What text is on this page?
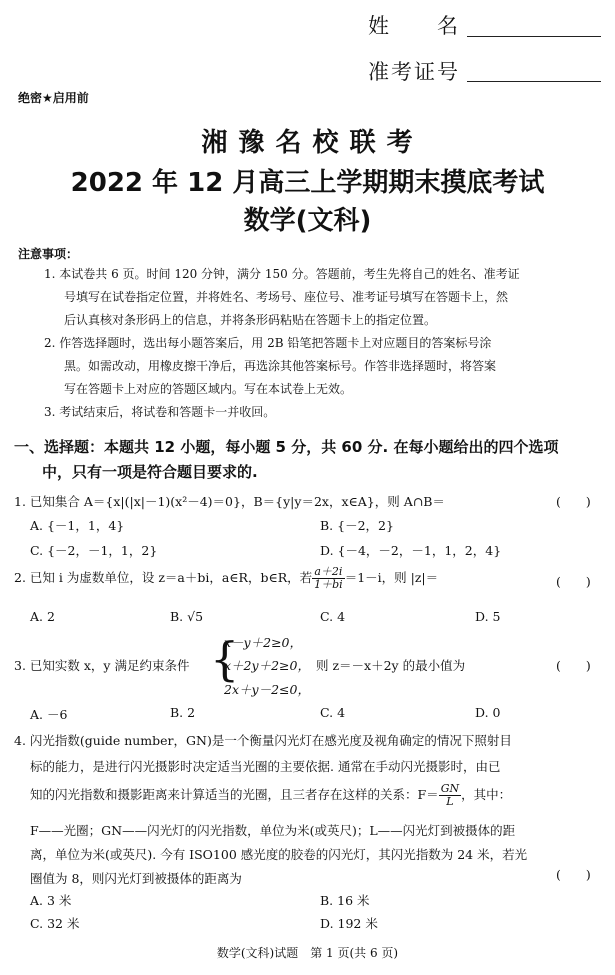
姓　　名
准考证号
绝密★启用前
湘 豫 名 校 联 考
2022 年 12 月高三上学期期末摸底考试
数学(文科)
注意事项：
1. 本试卷共 6 页。时间 120 分钟，满分 150 分。答题前，考生先将自己的姓名、准考证
号填写在试卷指定位置，并将姓名、考场号、座位号、准考证号填写在答题卡上，然
后认真核对条形码上的信息，并将条形码粘贴在答题卡上的指定位置。
2. 作答选择题时，选出每小题答案后，用 2B 铅笔把答题卡上对应题目的答案标号涂
黑。如需改动，用橡皮擦干净后，再选涂其他答案标号。作答非选择题时，将答案
写在答题卡上对应的答题区域内。写在本试卷上无效。
3. 考试结束后，将试卷和答题卡一并收回。
一、选择题：本题共 12 小题，每小题 5 分，共 60 分. 在每小题给出的四个选项
中，只有一项是符合题目要求的.
1. 已知集合 A＝{x|(|x|－1)(x²－4)＝0}，B＝{y|y＝2x，x∈A}，则 A∩B＝	(　　)
A. {－1，1，4}	B. {－2，2}
C. {－2，－1，1，2}	D. {－4，－2，－1，1，2，4}
2. 已知 i 为虚数单位，设 z＝a＋bi，a∈R，b∈R，若 $\frac{a+2i}{1+bi} =1-i$，则 |z|＝	(　　)
A. 2	B. √5	C. 4	D. 5
3. 已知实数 x，y 满足约束条件 {
x－y＋2≥0，
x＋2y＋2≥0， 则 z＝－x＋2y 的最小值为
2x＋y－2≤0，
(　　)
A. －6	B. 2	C. 4	D. 0
4. 闪光指数(guide number，GN)是一个衡量闪光灯在感光度及视角确定的情况下照射目
标的能力，是进行闪光摄影时决定适当光圈的主要依据. 通常在手动闪光摄影时，由已
知的闪光指数和摄影距离来计算适当的光圈，且三者存在这样的关系：$F= \frac{GN}{L}$ ，其中：
F——光圈；GN——闪光灯的闪光指数，单位为米(或英尺)；L——闪光灯到被摄体的距
离，单位为米(或英尺). 今有 ISO100 感光度的胶卷的闪光灯，其闪光指数为 24 米，若光
圈值为 8，则闪光灯到被摄体的距离为	(　　)
A. 3 米	B. 16 米
C. 32 米	D. 192 米
数学(文科)试题　第 1 页(共 6 页)
